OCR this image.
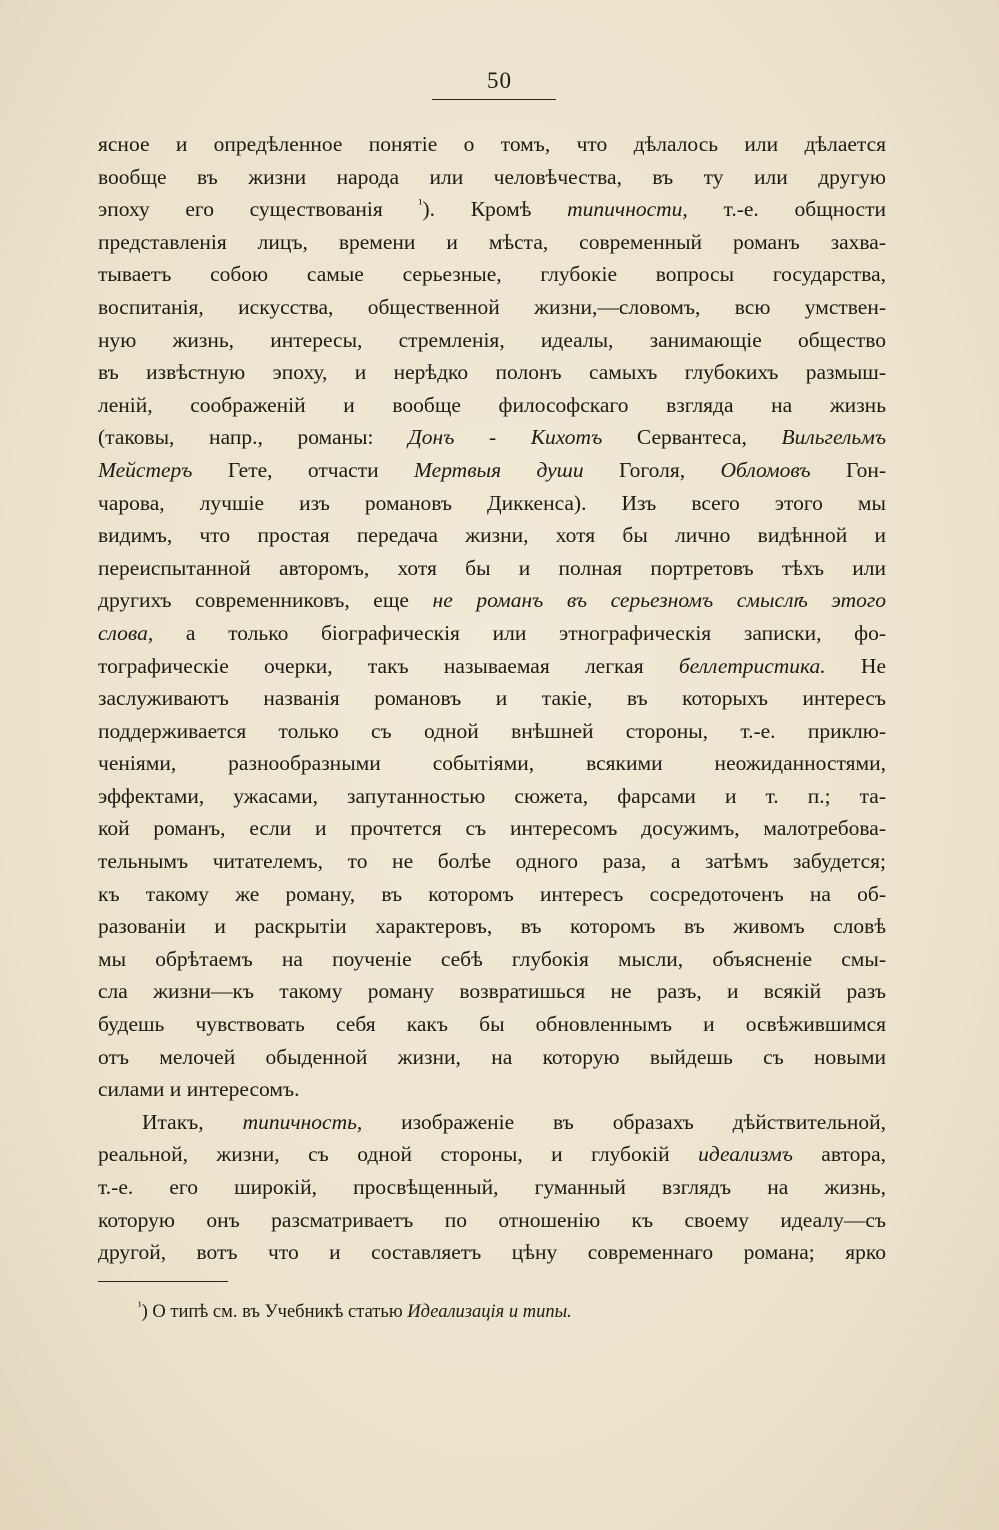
50
ясное и опредѣленное понятіе о томъ, что дѣлалось или дѣлается
вообще въ жизни народа или человѣчества, въ ту или другую
эпоху его существованія $^{^1}$). Кромѣ типичности, т.-е. общности
представленія лицъ, времени и мѣста, современный романъ захва-
тываетъ собою самые серьезные, глубокіе вопросы государства,
воспитанія, искусства, общественной жизни,—словомъ, всю умствен-
ную жизнь, интересы, стремленія, идеалы, занимающіе общество
въ извѣстную эпоху, и нерѣдко полонъ самыхъ глубокихъ размыш-
леній, соображеній и вообще философскаго взгляда на жизнь
(таковы, напр., романы: Донъ - Кихотъ Сервантеса, Вильгельмъ
Мейстеръ Гете, отчасти Мертвыя души Гоголя, Обломовъ Гон-
чарова, лучшіе изъ романовъ Диккенса). Изъ всего этого мы
видимъ, что простая передача жизни, хотя бы лично видѣнной и
переиспытанной авторомъ, хотя бы и полная портретовъ тѣхъ или
другихъ современниковъ, еще не романъ въ серьезномъ смыслѣ этого
слова, а только біографическія или этнографическія записки, фо-
тографическіе очерки, такъ называемая легкая беллетристика. Не
заслуживаютъ названія романовъ и такіе, въ которыхъ интересъ
поддерживается только съ одной внѣшней стороны, т.-е. приклю-
ченіями, разнообразными событіями, всякими неожиданностями,
эффектами, ужасами, запутанностью сюжета, фарсами и т. п.; та-
кой романъ, если и прочтется съ интересомъ досужимъ, малотребова-
тельнымъ читателемъ, то не болѣе одного раза, а затѣмъ забудется;
къ такому же роману, въ которомъ интересъ сосредоточенъ на об-
разованіи и раскрытіи характеровъ, въ которомъ въ живомъ словѣ
мы обрѣтаемъ на поученіе себѣ глубокія мысли, объясненіе смы-
сла жизни—къ такому роману возвратишься не разъ, и всякій разъ
будешь чувствовать себя какъ бы обновленнымъ и освѣжившимся
отъ мелочей обыденной жизни, на которую выйдешь съ новыми
силами и интересомъ.
Итакъ, типичность, изображеніе въ образахъ дѣйствительной,
реальной, жизни, съ одной стороны, и глубокій идеализмъ автора,
т.-е. его широкій, просвѣщенный, гуманный взглядъ на жизнь,
которую онъ разсматриваетъ по отношенію къ своему идеалу—съ
другой, вотъ что и составляетъ цѣну современнаго романа; ярко
$^{^1}$) О типѣ см. въ Учебникѣ статью Идеализація и типы.
